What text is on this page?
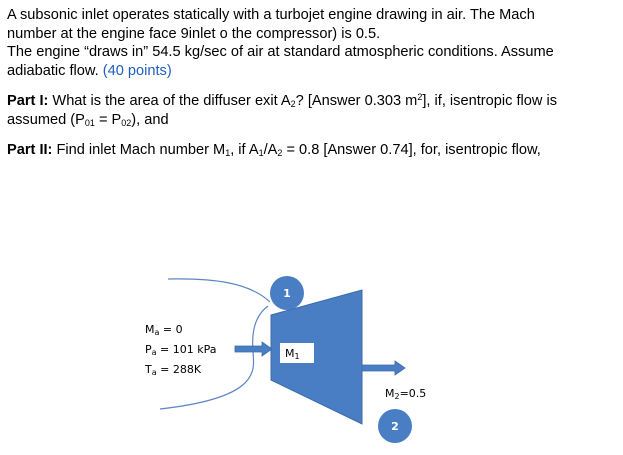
A subsonic inlet operates statically with a turbojet engine drawing in air. The Mach
number at the engine face 9inlet o the compressor) is 0.5.
The engine “draws in” 54.5 kg/sec of air at standard atmospheric conditions. Assume
adiabatic flow. (40 points)

Part I: What is the area of the diffuser exit $A_2$? [Answer 0.303 $m^2$], if, isentropic flow is
assumed $(P_{01} = P_{02})$, and

Part II: Find inlet Mach number $M_1$, if $A_1/A_2 = 0.8$ [Answer 0.74], for, isentropic flow,

1
2
Ma = 0
Pa = 101 kPa
Ta = 288K
M1
M2=0.5
